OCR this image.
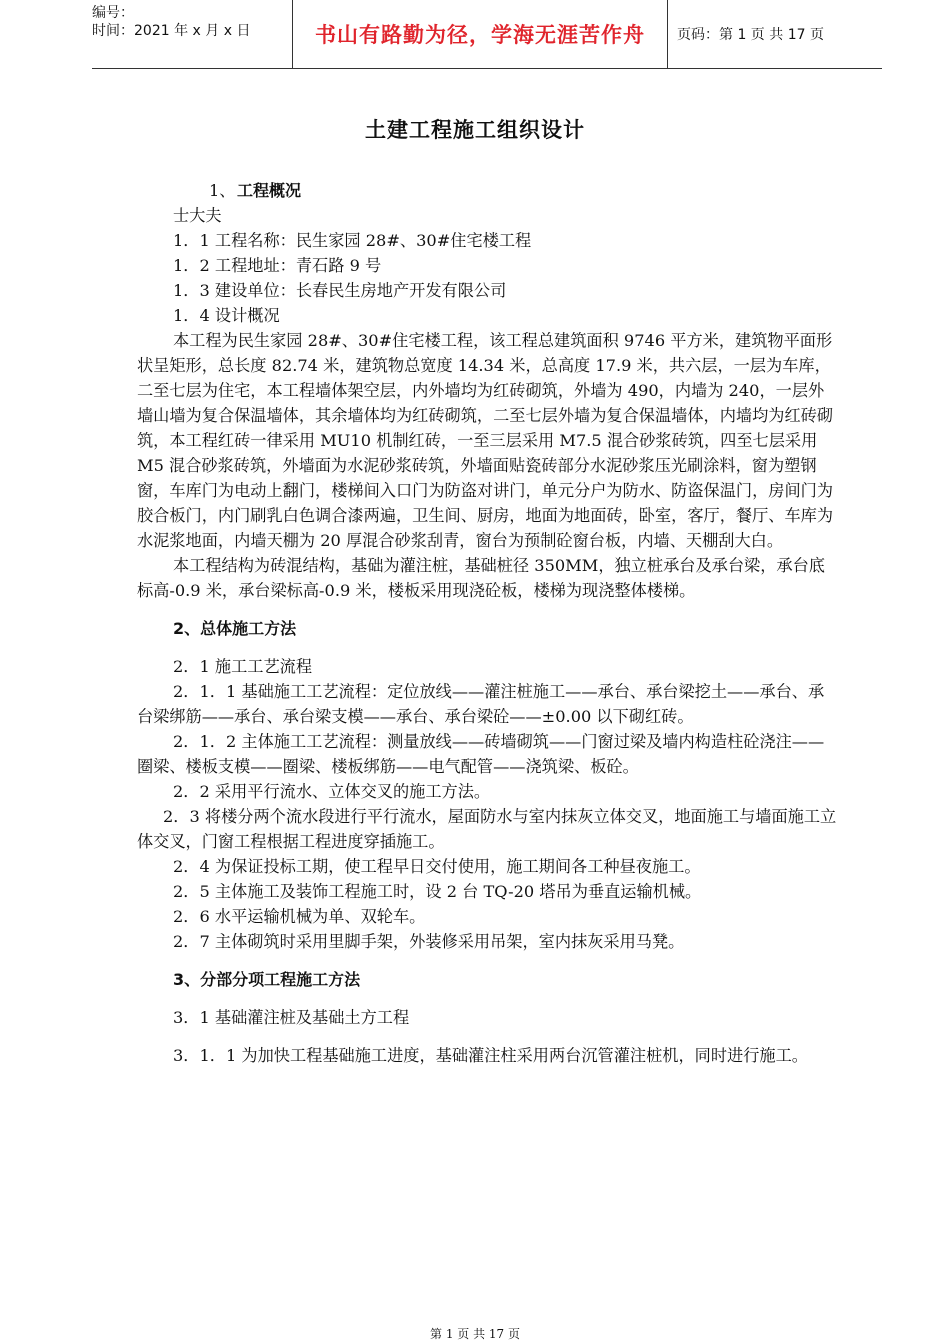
编号：
时间：2021 年 x 月 x 日	书山有路勤为径，学海无涯苦作舟	页码：第 1 页 共 17 页
土建工程施工组织设计

1、工程概况

士大夫

1．1 工程名称：民生家园 28#、30#住宅楼工程

1．2 工程地址：青石路 9 号

1．3 建设单位：长春民生房地产开发有限公司

1．4 设计概况

本工程为民生家园 28#、30#住宅楼工程，该工程总建筑面积 9746 平方米，建筑物平面形状呈矩形，总长度 82.74 米，建筑物总宽度 14.34 米，总高度 17.9 米，共六层，一层为车库，二至七层为住宅，本工程墙体架空层，内外墙均为红砖砌筑，外墙为 490，内墙为 240，一层外墙山墙为复合保温墙体，其余墙体均为红砖砌筑，二至七层外墙为复合保温墙体，内墙均为红砖砌筑，本工程红砖一律采用 MU10 机制红砖，一至三层采用 M7.5 混合砂浆砖筑，四至七层采用 M5 混合砂浆砖筑，外墙面为水泥砂浆砖筑，外墙面贴瓷砖部分水泥砂浆压光刷涂料，窗为塑钢窗，车库门为电动上翻门，楼梯间入口门为防盗对讲门，单元分户为防水、防盗保温门，房间门为胶合板门，内门刷乳白色调合漆两遍，卫生间、厨房，地面为地面砖，卧室，客厅，餐厅、车库为水泥浆地面，内墙天棚为 20 厚混合砂浆刮青，窗台为预制砼窗台板，内墙、天棚刮大白。

本工程结构为砖混结构，基础为灌注桩，基础桩径 350MM，独立桩承台及承台梁，承台底标高-0.9 米，承台梁标高-0.9 米，楼板采用现浇砼板，楼梯为现浇整体楼梯。

2、总体施工方法

2．1 施工工艺流程

2．1．1 基础施工工艺流程：定位放线——灌注桩施工——承台、承台梁挖土——承台、承台梁绑筋——承台、承台梁支模——承台、承台梁砼——±0.00 以下砌红砖。

2．1．2 主体施工工艺流程：测量放线——砖墙砌筑——门窗过梁及墙内构造柱砼浇注——圈梁、楼板支模——圈梁、楼板绑筋——电气配管——浇筑梁、板砼。

2．2 采用平行流水、立体交叉的施工方法。

2．3 将楼分两个流水段进行平行流水，屋面防水与室内抹灰立体交叉，地面施工与墙面施工立体交叉，门窗工程根据工程进度穿插施工。

2．4 为保证投标工期，使工程早日交付使用，施工期间各工种昼夜施工。

2．5 主体施工及装饰工程施工时，设 2 台 TQ-20 塔吊为垂直运输机械。

2．6 水平运输机械为单、双轮车。

2．7 主体砌筑时采用里脚手架，外装修采用吊架，室内抹灰采用马凳。

3、分部分项工程施工方法

3．1 基础灌注桩及基础土方工程

3．1．1 为加快工程基础施工进度，基础灌注柱采用两台沉管灌注桩机，同时进行施工。

第 1 页 共 17 页
